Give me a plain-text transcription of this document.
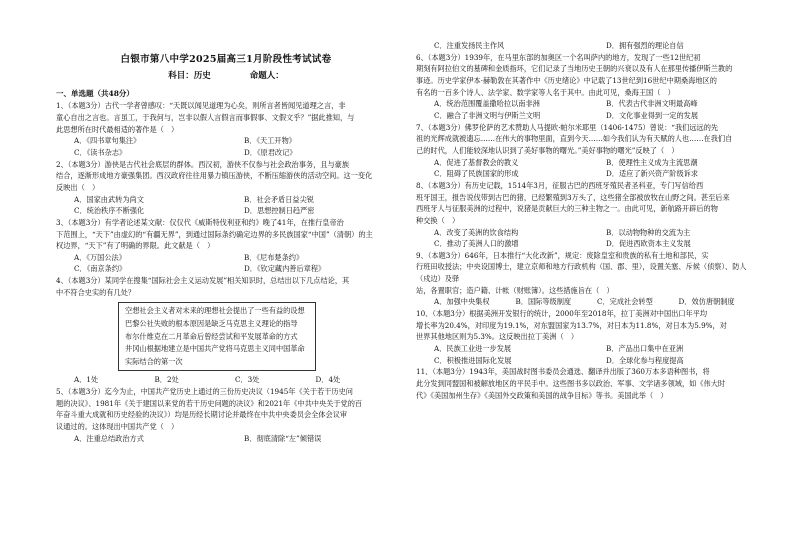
白银市第八中学2025届高三1月阶段性考试试卷
科目：历史	命题人：
一、单选题（共48分）
1、（本题3分）古代一学者曾感叹：“天既以闻见道理为心矣，则所言者皆闻见道理之言，非
童心自出之言也。言虽工，于我何与，岂非以假人言假言而事假事、文假文乎？”据此推知，与
此思想所在时代最相适的著作是（　）
A．《四书章句集注》	B．《天工开物》
C．《读书杂志》	D．《原君改记》
2、（本题3分）游侠是古代社会底层的群体。西汉初，游侠不仅参与社会政治事务，且与豪族
结合，逐渐形成地方豪强集团。西汉政府往往用暴力镇压游侠，不断压缩游侠的活动空间。这一变化
反映出（　）
A．国家由武转为尚文	B．社会矛盾日益尖锐
C．统治秩序不断强化	D．思想控制日趋严密
3、（本题3分）有学者论述某文献：仅仅代《威斯特伐利亚和约》晚了41年，在推行皇帝治
下范围上，“天下”由虚幻的“有疆无界”，到通过国际条约确定边界的多民族国家“中国”（清朝）的主
权边界，“天下”有了明确的界限。此文献是（　）
A．《万国公法》	B．《尼布楚条约》
C．《南京条约》	D．《钦定藏内善后章程》
4、（本题3分）某同学在搜集“国际社会主义运动发展”相关知识时，总结出以下几点结论，其
中不符合史实的有几处？
空想社会主义者对未来的理想社会提出了一些有益的设想
巴黎公社失败的根本原因是缺乏马克思主义理论的指导
布尔什维克在二月革命后曾经尝试和平发展革命的方式
井冈山根据地建立是中国共产党将马克思主义同中国革命实际结合的第一次
A．1处	B．2处	C．3处	D．4处
5、（本题3分）迄今为止，中国共产党历史上通过的三份历史决议（1945年《关于若干历史问
题的决议》、1981年《关于建国以来党的若干历史问题的决议》和2021年《中共中央关于党的百
年奋斗重大成就和历史经验的决议》）均是历经长期讨论并最终在中共中央委员会全体会议审
议通过的。这体现出中国共产党（　）
A．注重总结政治方式	B．彻底清除“左”倾错误
C．注重发扬民主作风	D．拥有强烈的理论自信
6、（本题3分）1939年，在马里东部的加奥区一个名叫萨内的地方，发现了一些12世纪初
期刻有阿拉伯文的墓碑和金质指环，它们记录了当地历史王朝的兴衰以及有人在那里传播伊斯兰教的
事迹。历史学家伊本·赫勒敦在其著作中《历史绪论》中记载了13世纪到16世纪中期桑海地区的
有名的一百多个诗人、法学家、数学家等人名于其中。由此可见，桑海王国（　）
A．统治范围覆盖撒哈拉以南非洲	B．代表古代非洲文明最高峰
C．融合了非洲文明与伊斯兰文明	D．文化事业得到一定的发展
7、（本题3分）佛罗伦萨的艺术赞助人马提欧·帕尔米耶里（1406-1475）曾说：“我们远远的先
祖的光辉成就被遗忘……在伟大的事物里面，直到今天……如今我们认为有天赋的人也……在我们自
己的时代，人们能较深地认识到了美好事物的曙光。”美好事物的曙光”反映了（　）
A．促进了基督教会的教义	B．使理性主义成为主流思潮
C．阻碍了民族国家的形成	D．适应了新兴资产阶级诉求
8、（本题3分）有历史记载，1514年3月，征服古巴的西班牙殖民者圣科亚，专门写信给西
班牙国王，报告说伐带到古巴的猪，已经繁殖到3万头了，这些猪全部被放牧在山野之间。甚至后来
西班牙人与征服美洲的过程中，说猪是贡献巨大的三种主物之一。由此可见，新航路开辟后的物
种交换（　）
A．改变了美洲的饮食结构	B．以动物物种的交流为主
C．推动了美洲人口的激增	D．促进西欧资本主义发展
9、（本题3分）646年，日本推行“大化改新”，规定：废除皇室和贵族的私有土地和部民，实
行班田收授法；中央设国博士，建立京师和地方行政机构（国、郡、里），设置关塞、斥候（侦察）、防人（戍边）及驿
站，各置职官；造户籍、计帐（财账簿）。这些措施旨在（　）
A．加强中央集权	B．国际等级制度	C．完成社会转型	D．效仿唐朝制度
10、（本题3分）根据美洲开发银行的统计，2000年至2018年，拉丁美洲对中国出口年平均
增长率为20.4%，对印度为19.1%，对东盟国家为13.7%，对日本为11.8%，对日本为5.9%，对
世界其他地区则为5.3%。这反映出拉丁美洲（　）
A．民族工业进一步发展	B．产品出口集中在亚洲
C．积极推进国际化发展	D．全球化参与程度提高
11、（本题3分）1943年，美国战时图书委员会通选、翻译并出版了360万本多语种图书，将
此分发到同盟国和被解放地区的平民手中。这些图书多以政治、军事、文学诸多领域，如《伟大时
代》《美国加州生存》《美国外交政策和美国的战争目标》等书。美国此举（　）
